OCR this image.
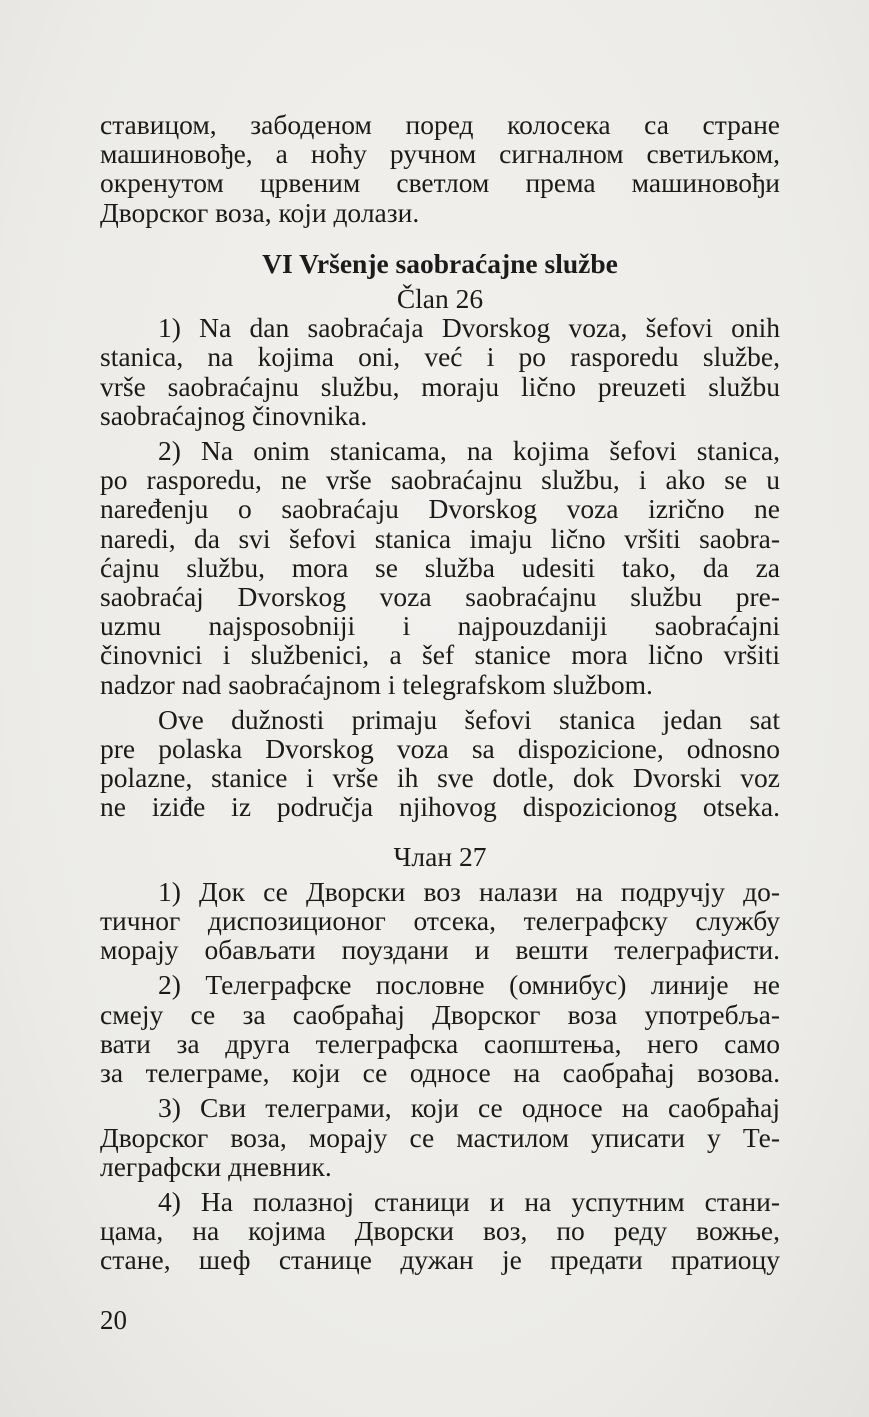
ставицом, забоденом поред колосека са стране
машиновође, а ноћу ручном сигналном светиљком,
окренутом црвеним светлом према машиновођи
Дворског воза, који долази.
VI Vršenje saobraćajne službe
Član 26
1) Na dan saobraćaja Dvorskog voza, šefovi onih
stanica, na kojima oni, već i po rasporedu službe,
vrše saobraćajnu službu, moraju lično preuzeti službu
saobraćajnog činovnika.
2) Na onim stanicama, na kojima šefovi stanica,
po rasporedu, ne vrše saobraćajnu službu, i ako se u
naređenju o saobraćaju Dvorskog voza izrično ne
naredi, da svi šefovi stanica imaju lično vršiti saobra-
ćajnu službu, mora se služba udesiti tako, da za
saobraćaj Dvorskog voza saobraćajnu službu pre-
uzmu najsposobniji i najpouzdaniji saobraćajni
činovnici i službenici, a šef stanice mora lično vršiti
nadzor nad saobraćajnom i telegrafskom službom.
Ove dužnosti primaju šefovi stanica jedan sat
pre polaska Dvorskog voza sa dispozicione, odnosno
polazne, stanice i vrše ih sve dotle, dok Dvorski voz
ne iziđe iz područja njihovog dispozicionog otseka.
Члан 27
1) Док се Дворски воз налази на подручју до-
тичног диспозиционог отсека, телеграфску службу
морају обављати поуздани и вешти телеграфисти.
2) Телеграфске пословне (омнибус) линије не
смеју се за саобраћај Дворског воза употребља-
вати за друга телеграфска саопштења, него само
за телеграме, који се односе на саобраћај возова.
3) Сви телеграми, који се односе на саобраћај
Дворског воза, морају се мастилом уписати у Те-
леграфски дневник.
4) На полазној станици и на успутним стани-
цама, на којима Дворски воз, по реду вожње,
стане, шеф станице дужан је предати пратиоцу
20
